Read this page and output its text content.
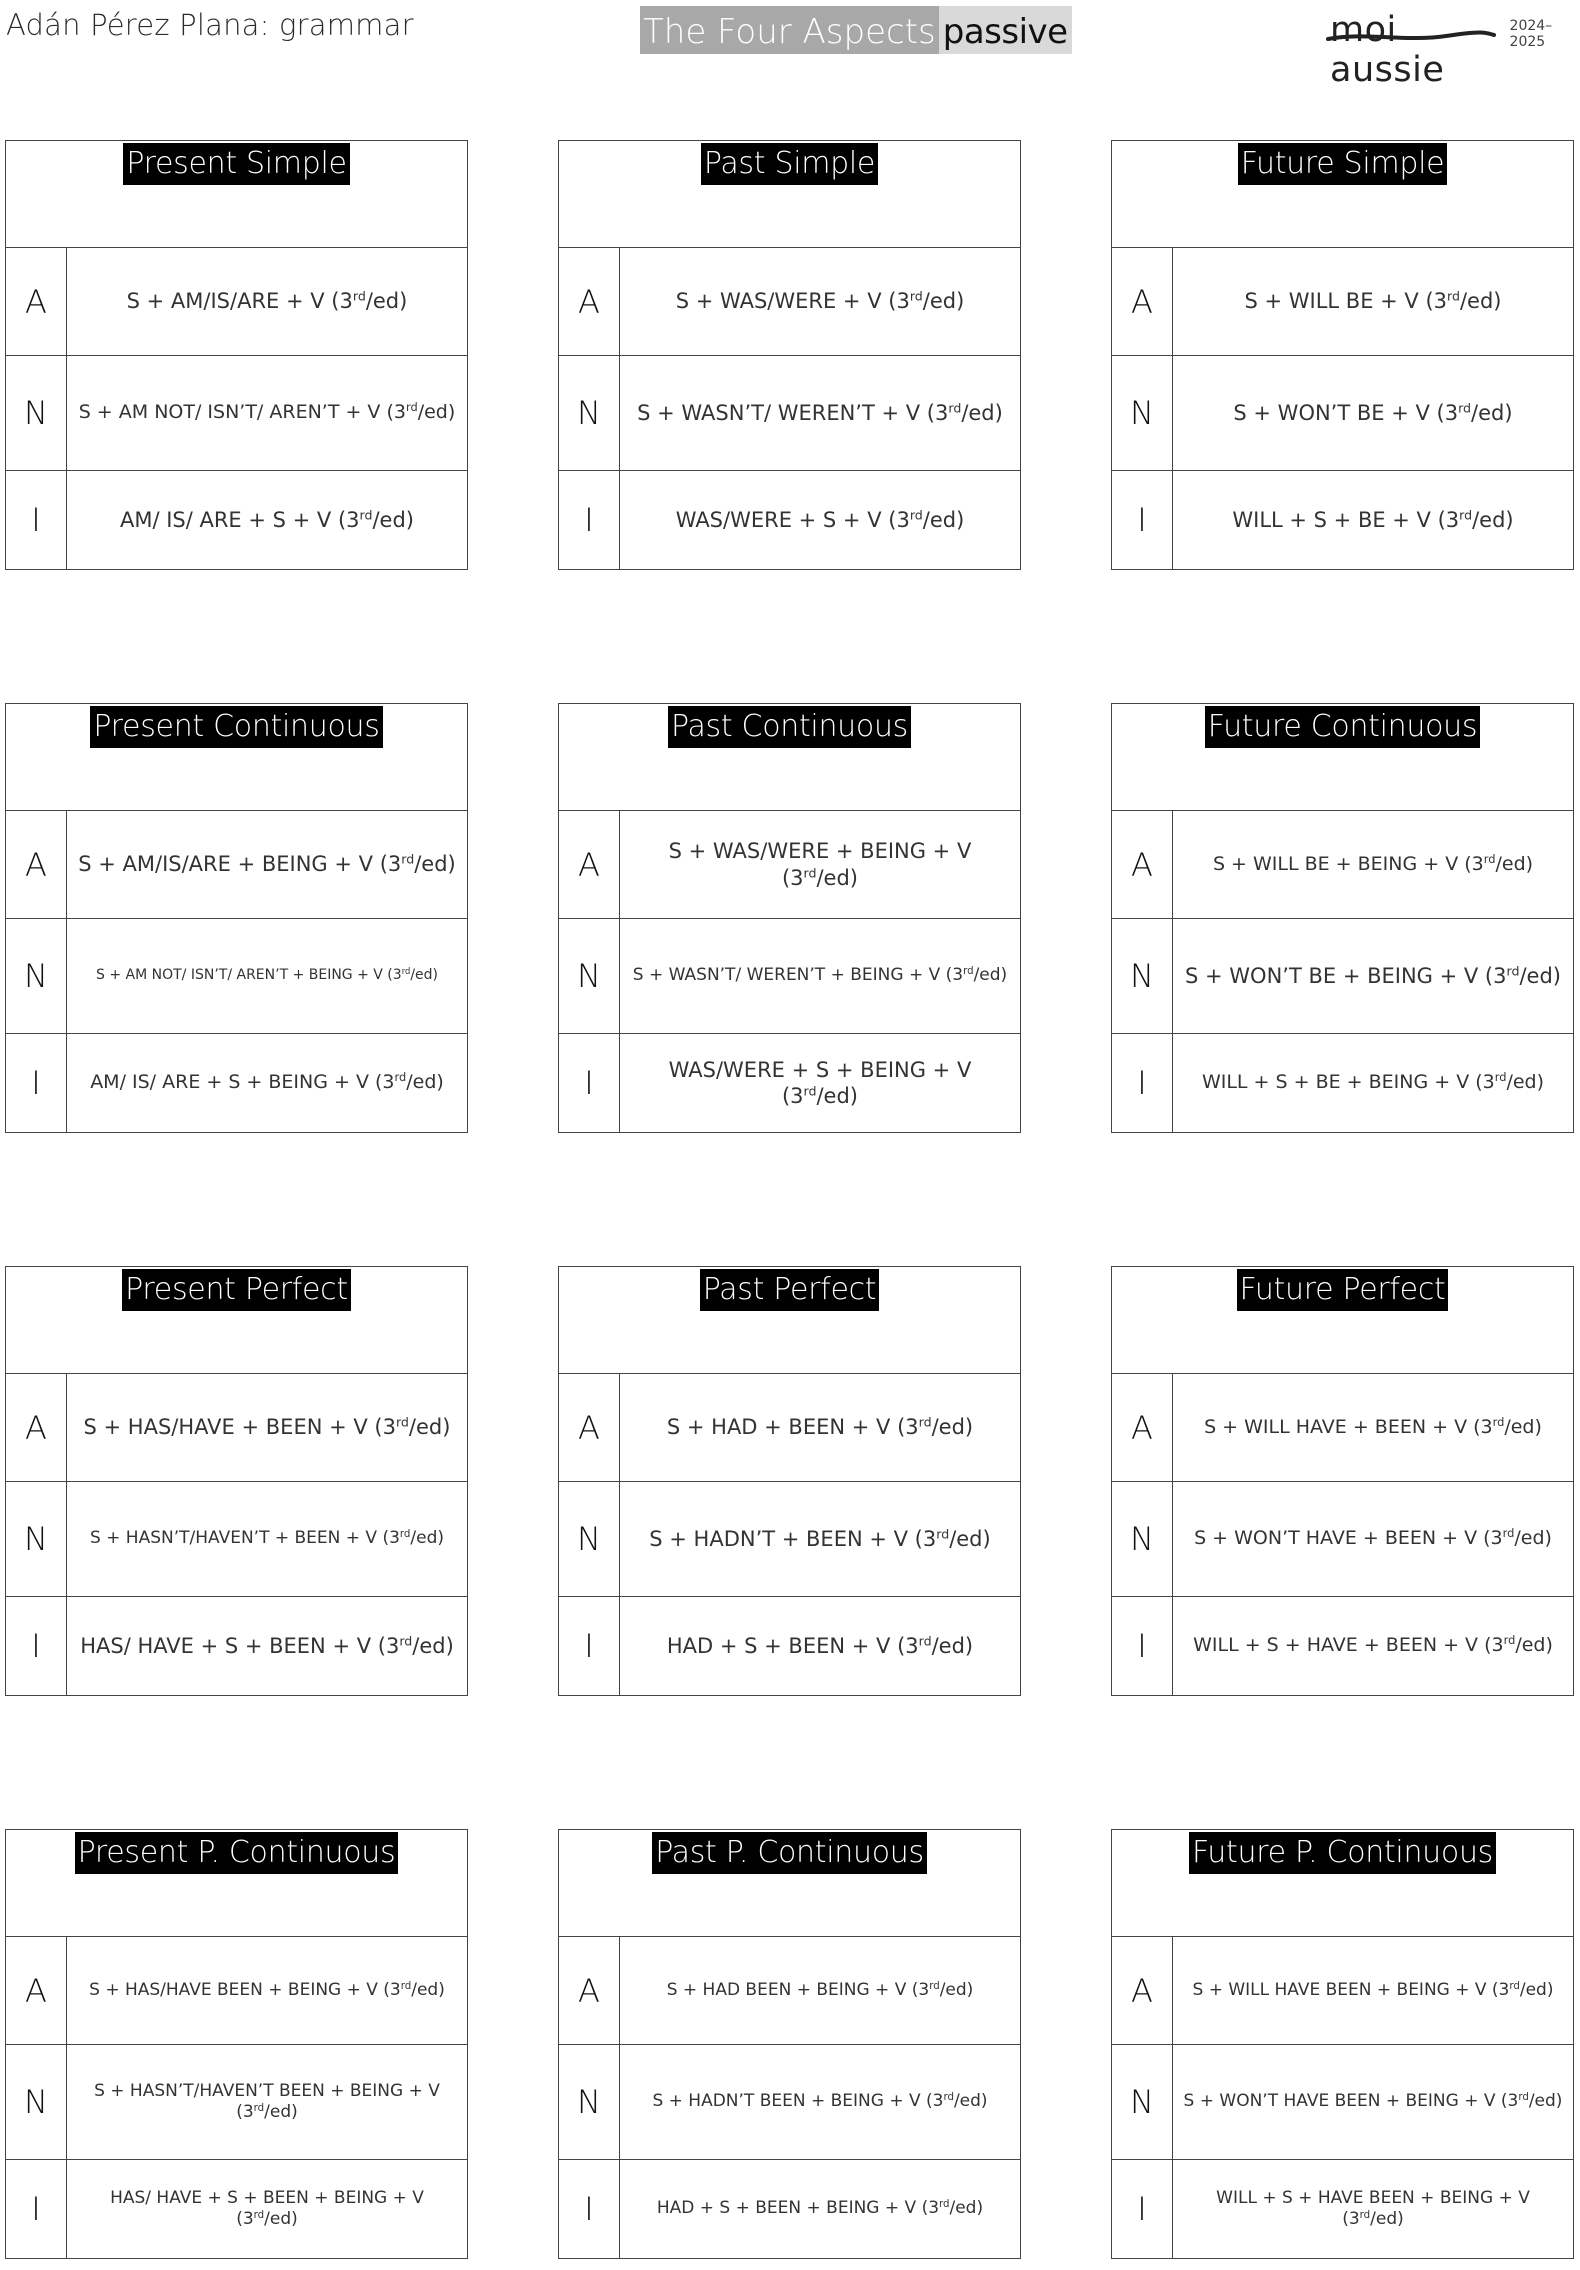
Adán Pérez Plana: grammar	The Four Aspects passive	moi aussie
2024–2025
Present Simple
A	S + AM/IS/ARE + V (3rd/ed)
N	S + AM NOT/ ISN’T/ AREN’T + V (3rd/ed)
I	AM/ IS/ ARE + S + V (3rd/ed)
Past Simple
A	S + WAS/WERE + V (3rd/ed)
N	S + WASN’T/ WEREN’T + V (3rd/ed)
I	WAS/WERE + S + V (3rd/ed)
Future Simple
A	S + WILL BE + V (3rd/ed)
N	S + WON’T BE + V (3rd/ed)
I	WILL + S + BE + V (3rd/ed)
Present Continuous
A	S + AM/IS/ARE + BEING + V (3rd/ed)
N	S + AM NOT/ ISN’T/ AREN’T + BEING + V (3rd/ed)
I	AM/ IS/ ARE + S + BEING + V (3rd/ed)
Past Continuous
A	S + WAS/WERE + BEING + V (3rd/ed)
N	S + WASN’T/ WEREN’T + BEING + V (3rd/ed)
I	WAS/WERE + S + BEING + V (3rd/ed)
Future Continuous
A	S + WILL BE + BEING + V (3rd/ed)
N	S + WON’T BE + BEING + V (3rd/ed)
I	WILL + S + BE + BEING + V (3rd/ed)
Present Perfect
A	S + HAS/HAVE + BEEN + V (3rd/ed)
N	S + HASN’T/HAVEN’T + BEEN + V (3rd/ed)
I	HAS/ HAVE + S + BEEN + V (3rd/ed)
Past Perfect
A	S + HAD + BEEN + V (3rd/ed)
N	S + HADN’T + BEEN + V (3rd/ed)
I	HAD + S + BEEN + V (3rd/ed)
Future Perfect
A	S + WILL HAVE + BEEN + V (3rd/ed)
N	S + WON’T HAVE + BEEN + V (3rd/ed)
I	WILL + S + HAVE + BEEN + V (3rd/ed)
Present P. Continuous
A	S + HAS/HAVE BEEN + BEING + V (3rd/ed)
N	S + HASN’T/HAVEN’T BEEN + BEING + V (3rd/ed)
I	HAS/ HAVE + S + BEEN + BEING + V (3rd/ed)
Past P. Continuous
A	S + HAD BEEN + BEING + V (3rd/ed)
N	S + HADN’T BEEN + BEING + V (3rd/ed)
I	HAD + S + BEEN + BEING + V (3rd/ed)
Future P. Continuous
A	S + WILL HAVE BEEN + BEING + V (3rd/ed)
N	S + WON’T HAVE BEEN + BEING + V (3rd/ed)
I	WILL + S + HAVE BEEN + BEING + V (3rd/ed)
